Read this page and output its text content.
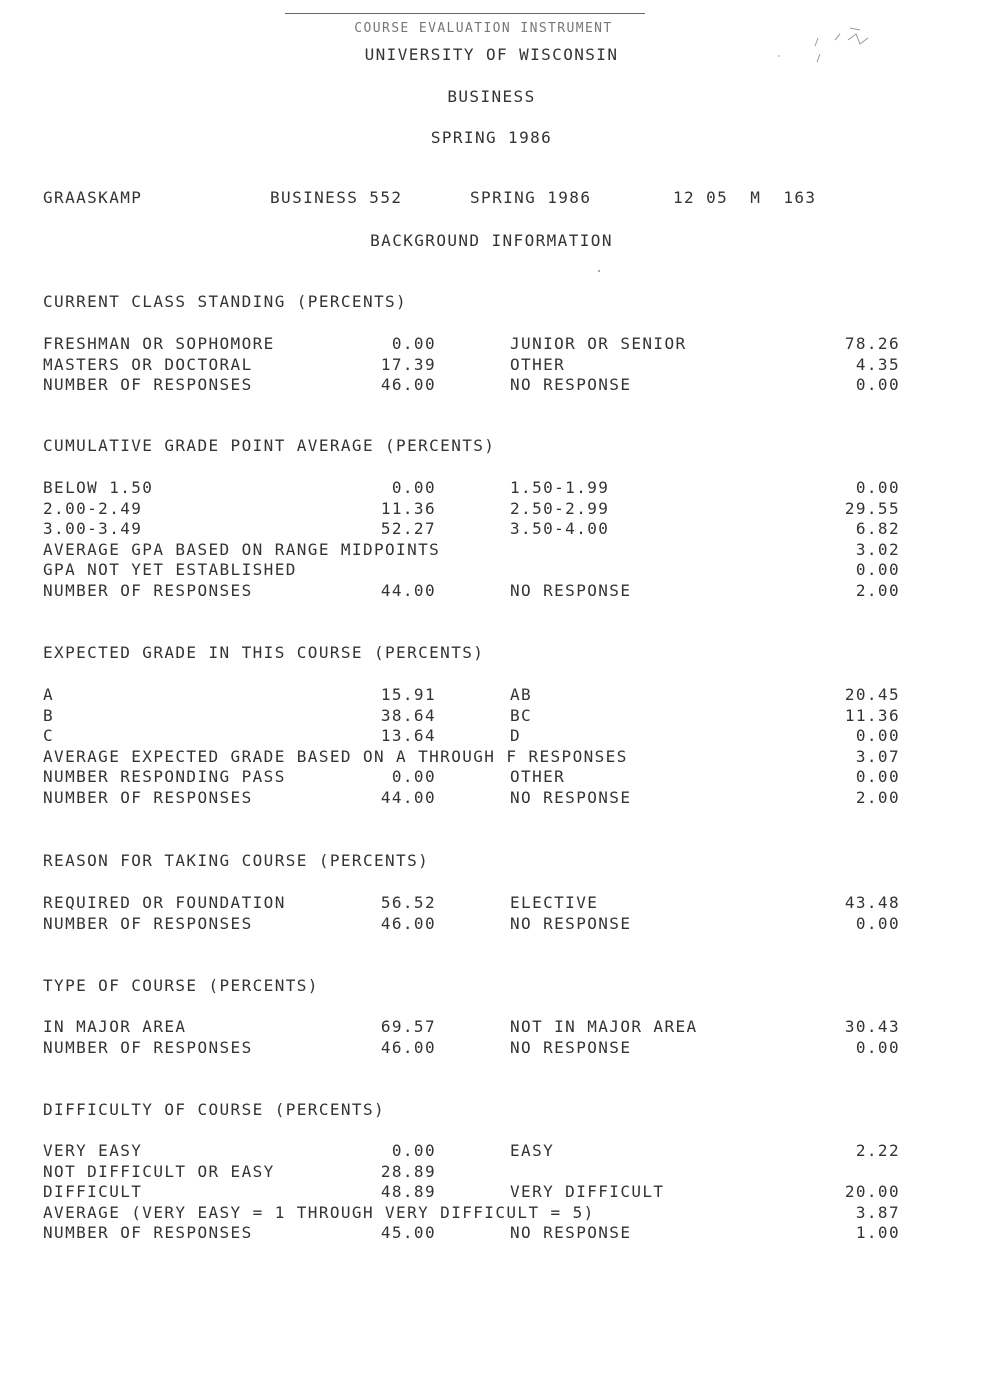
COURSE EVALUATION INSTRUMENT

UNIVERSITY OF WISCONSIN
BUSINESS
SPRING 1986
GRAASKAMP	BUSINESS 552	SPRING 1986	12 05  M  163
BACKGROUND INFORMATION
CURRENT CLASS STANDING (PERCENTS)
FRESHMAN OR SOPHOMORE	0.00	JUNIOR OR SENIOR	78.26
MASTERS OR DOCTORAL	17.39	OTHER	4.35
NUMBER OF RESPONSES	46.00	NO RESPONSE	0.00
CUMULATIVE GRADE POINT AVERAGE (PERCENTS)
BELOW 1.50	0.00	1.50-1.99	0.00
2.00-2.49	11.36	2.50-2.99	29.55
3.00-3.49	52.27	3.50-4.00	6.82
AVERAGE GPA BASED ON RANGE MIDPOINTS	3.02
GPA NOT YET ESTABLISHED	0.00
NUMBER OF RESPONSES	44.00	NO RESPONSE	2.00
EXPECTED GRADE IN THIS COURSE (PERCENTS)
A	15.91	AB	20.45
B	38.64	BC	11.36
C	13.64	D	0.00
AVERAGE EXPECTED GRADE BASED ON A THROUGH F RESPONSES	3.07
NUMBER RESPONDING PASS	0.00	OTHER	0.00
NUMBER OF RESPONSES	44.00	NO RESPONSE	2.00
REASON FOR TAKING COURSE (PERCENTS)
REQUIRED OR FOUNDATION	56.52	ELECTIVE	43.48
NUMBER OF RESPONSES	46.00	NO RESPONSE	0.00
TYPE OF COURSE (PERCENTS)
IN MAJOR AREA	69.57	NOT IN MAJOR AREA	30.43
NUMBER OF RESPONSES	46.00	NO RESPONSE	0.00
DIFFICULTY OF COURSE (PERCENTS)
VERY EASY	0.00	EASY	2.22
NOT DIFFICULT OR EASY	28.89
DIFFICULT	48.89	VERY DIFFICULT	20.00
AVERAGE (VERY EASY = 1 THROUGH VERY DIFFICULT = 5)	3.87
NUMBER OF RESPONSES	45.00	NO RESPONSE	1.00
